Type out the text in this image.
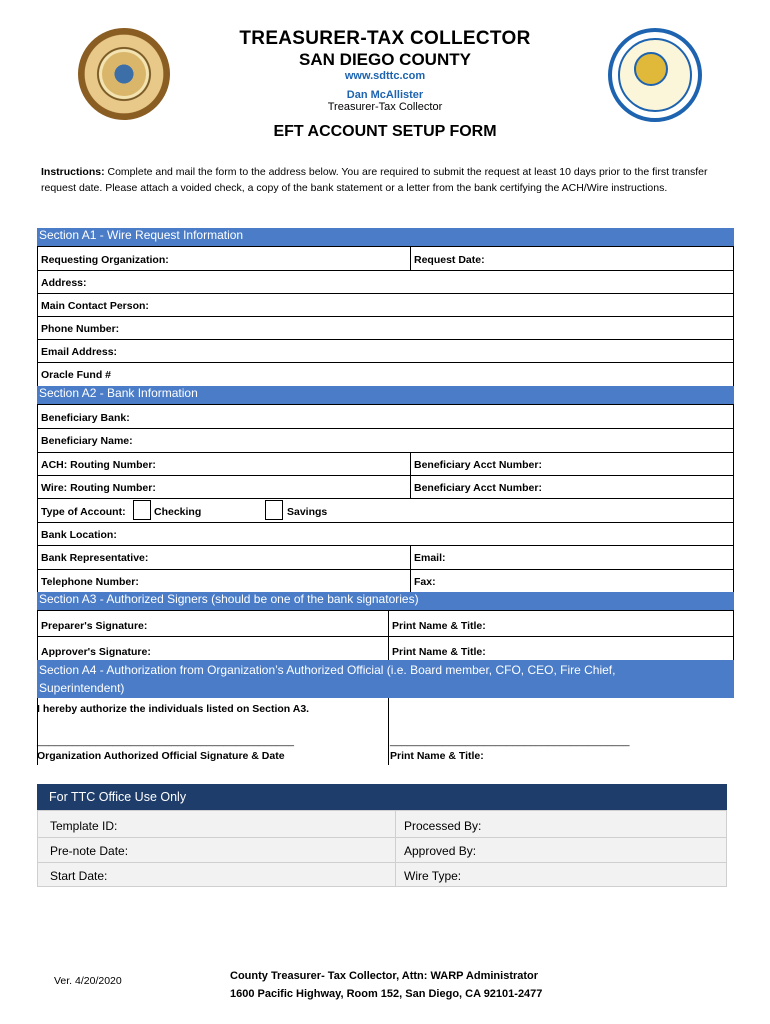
TREASURER-TAX COLLECTOR
SAN DIEGO COUNTY
www.sdttc.com
Dan McAllister
Treasurer-Tax Collector
EFT ACCOUNT SETUP FORM
Instructions: Complete and mail the form to the address below. You are required to submit the request at least 10 days prior to the first transfer request date. Please attach a voided check, a copy of the bank statement or a letter from the bank certifying the ACH/Wire instructions.
Section A1 - Wire Request Information
Requesting Organization:	Request Date:
Address:
Main Contact Person:
Phone Number:
Email Address:
Oracle Fund #
Section A2 - Bank Information
Beneficiary Bank:
Beneficiary Name:
ACH: Routing Number:	Beneficiary Acct Number:
Wire: Routing Number:	Beneficiary Acct Number:
Type of Account:	Checking	Savings
Bank Location:
Bank Representative:	Email:
Telephone Number:	Fax:
Section A3 - Authorized Signers (should be one of the bank signatories)
Preparer's Signature:	Print Name & Title:
Approver's Signature:	Print Name & Title:
Section A4 - Authorization from Organization’s Authorized Official (i.e. Board member, CFO, CEO, Fire Chief,
Superintendent)
I hereby authorize the individuals listed on Section A3.
____________________________________________
Organization Authorized Official Signature & Date
_________________________________________
Print Name & Title:
For TTC Office Use Only
Template ID:	Processed By:
Pre-note Date:	Approved By:
Start Date:	Wire Type:
Ver. 4/20/2020	County Treasurer- Tax Collector, Attn: WARP Administrator
1600 Pacific Highway, Room 152, San Diego, CA 92101-2477
